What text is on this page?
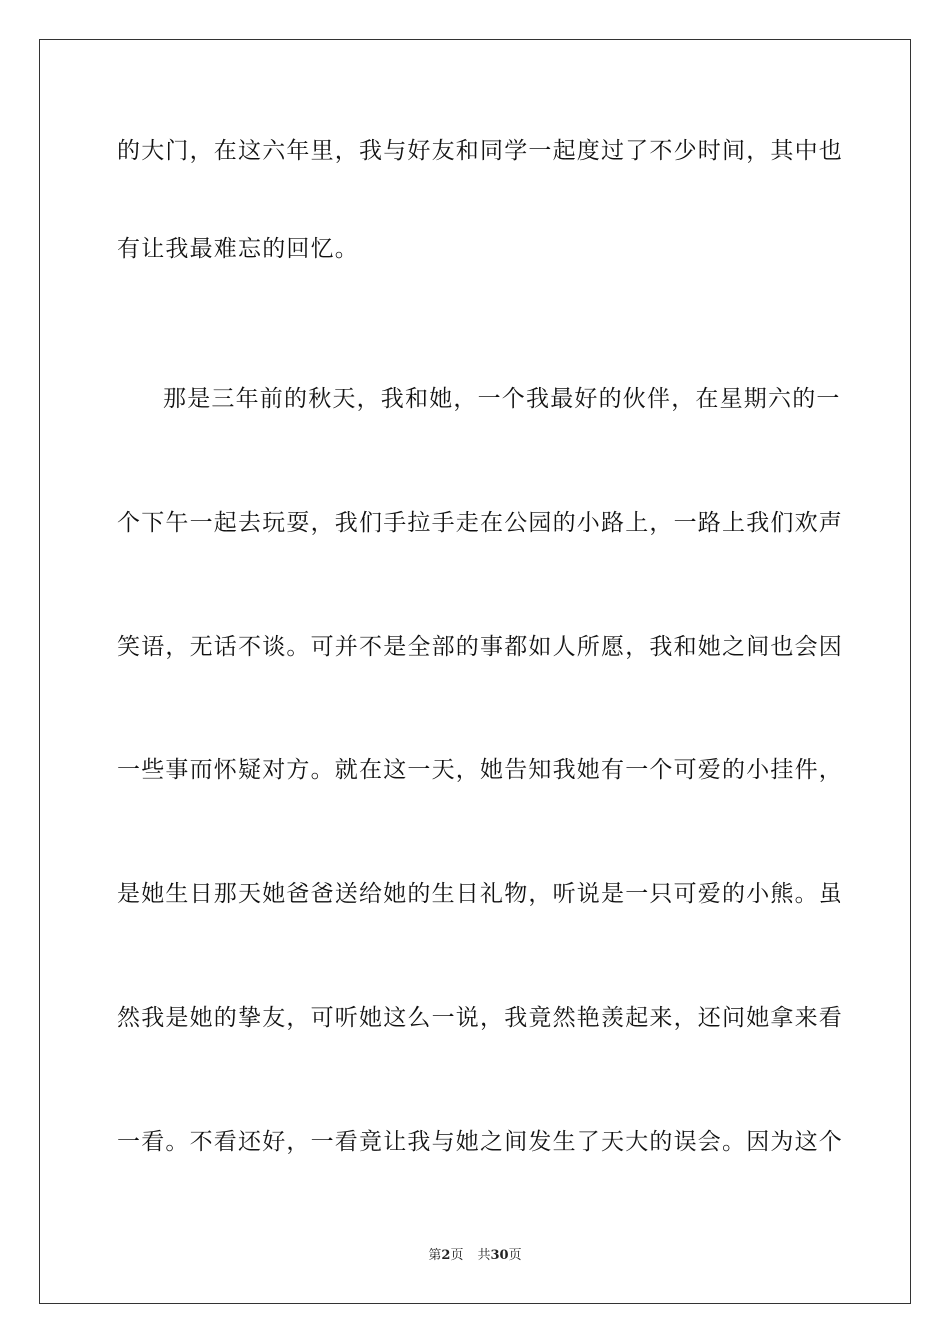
的大门，在这六年里，我与好友和同学一起度过了不少时间，其中也
有让我最难忘的回忆。
那是三年前的秋天，我和她，一个我最好的伙伴，在星期六的一
个下午一起去玩耍，我们手拉手走在公园的小路上，一路上我们欢声
笑语，无话不谈。可并不是全部的事都如人所愿，我和她之间也会因
一些事而怀疑对方。就在这一天，她告知我她有一个可爱的小挂件，
是她生日那天她爸爸送给她的生日礼物，听说是一只可爱的小熊。虽
然我是她的挚友，可听她这么一说，我竟然艳羡起来，还问她拿来看
一看。不看还好，一看竟让我与她之间发生了天大的误会。因为这个
第2页 共30页
